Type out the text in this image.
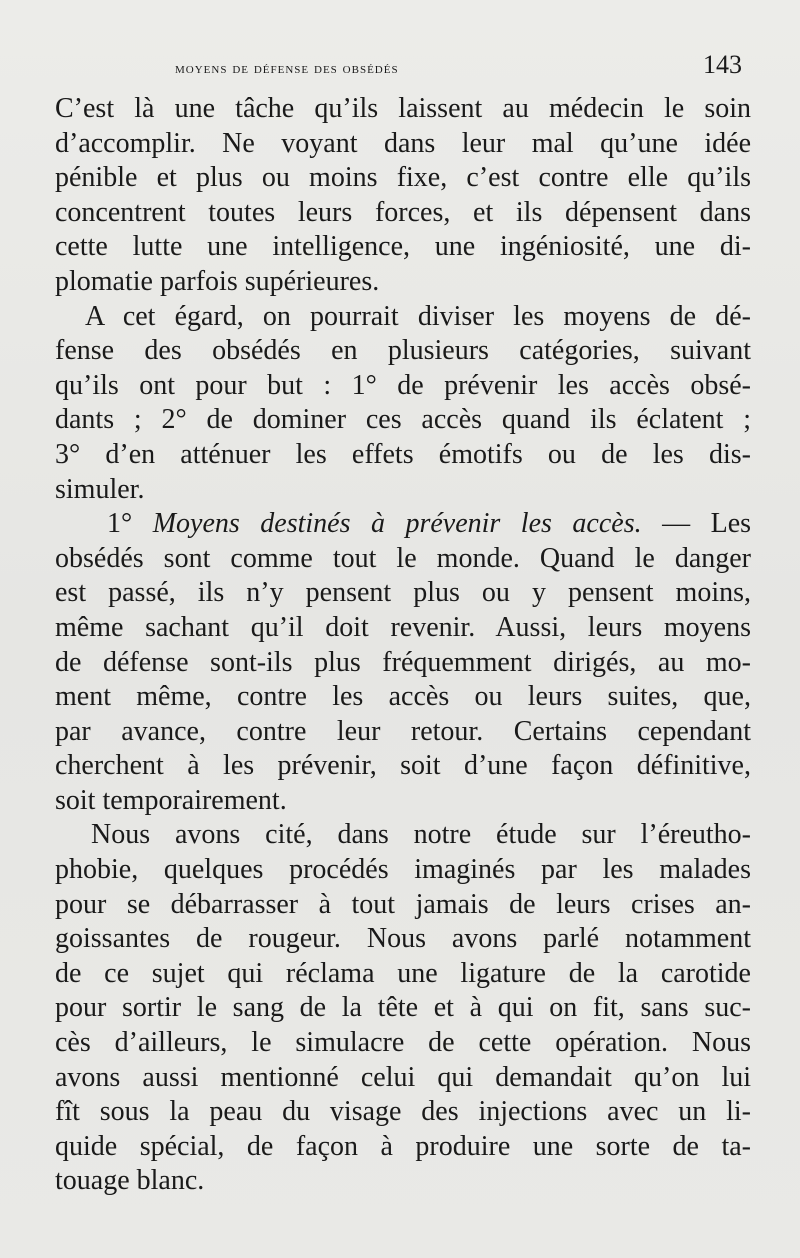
moyens de défense des obsédés	143
C’est là une tâche qu’ils laissent au médecin le soin
d’accomplir. Ne voyant dans leur mal qu’une idée
pénible et plus ou moins fixe, c’est contre elle qu’ils
concentrent toutes leurs forces, et ils dépensent dans
cette lutte une intelligence, une ingéniosité, une di-
plomatie parfois supérieures.
A cet égard, on pourrait diviser les moyens de dé-
fense des obsédés en plusieurs catégories, suivant
qu’ils ont pour but : 1° de prévenir les accès obsé-
dants ; 2° de dominer ces accès quand ils éclatent ;
3° d’en atténuer les effets émotifs ou de les dis-
simuler.
1° Moyens destinés à prévenir les accès. — Les
obsédés sont comme tout le monde. Quand le danger
est passé, ils n’y pensent plus ou y pensent moins,
même sachant qu’il doit revenir. Aussi, leurs moyens
de défense sont-ils plus fréquemment dirigés, au mo-
ment même, contre les accès ou leurs suites, que,
par avance, contre leur retour. Certains cependant
cherchent à les prévenir, soit d’une façon définitive,
soit temporairement.
Nous avons cité, dans notre étude sur l’éreutho-
phobie, quelques procédés imaginés par les malades
pour se débarrasser à tout jamais de leurs crises an-
goissantes de rougeur. Nous avons parlé notamment
de ce sujet qui réclama une ligature de la carotide
pour sortir le sang de la tête et à qui on fit, sans suc-
cès d’ailleurs, le simulacre de cette opération. Nous
avons aussi mentionné celui qui demandait qu’on lui
fît sous la peau du visage des injections avec un li-
quide spécial, de façon à produire une sorte de ta-
touage blanc.
